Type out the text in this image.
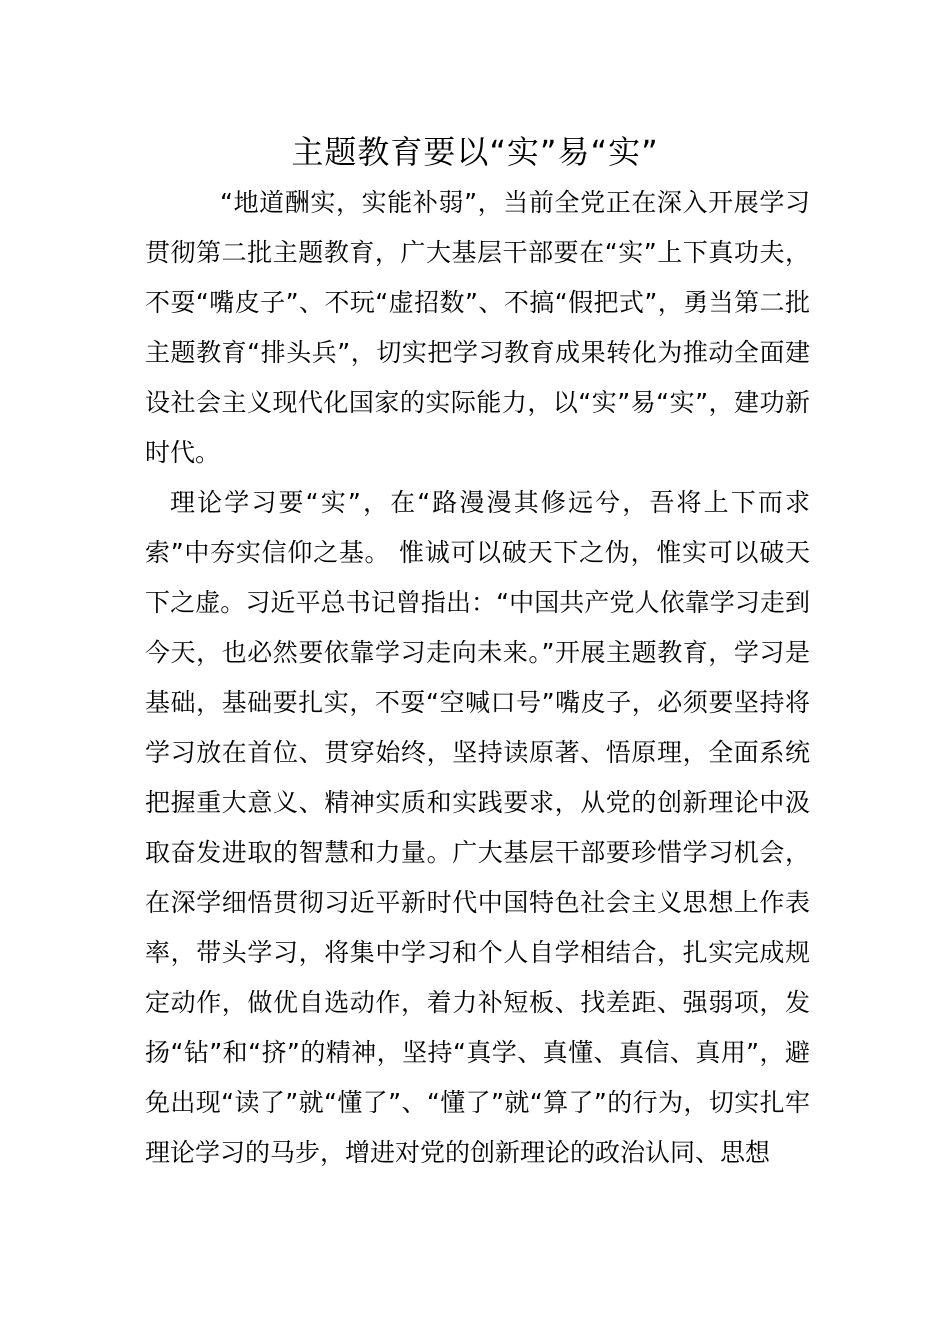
主题教育要以“实”易“实”

“地道酬实，实能补弱”，当前全党正在深入开展学习贯彻第二批主题教育，广大基层干部要在“实”上下真功夫，不耍“嘴皮子”、不玩“虚招数”、不搞“假把式”，勇当第二批主题教育“排头兵”，切实把学习教育成果转化为推动全面建设社会主义现代化国家的实际能力，以“实”易“实”，建功新时代。

理论学习要“实”，在“路漫漫其修远兮，吾将上下而求索”中夯实信仰之基。 惟诚可以破天下之伪，惟实可以破天下之虚。习近平总书记曾指出：“中国共产党人依靠学习走到今天，也必然要依靠学习走向未来。”开展主题教育，学习是基础，基础要扎实，不耍“空喊口号”嘴皮子，必须要坚持将学习放在首位、贯穿始终，坚持读原著、悟原理，全面系统把握重大意义、精神实质和实践要求，从党的创新理论中汲取奋发进取的智慧和力量。广大基层干部要珍惜学习机会，在深学细悟贯彻习近平新时代中国特色社会主义思想上作表率，带头学习，将集中学习和个人自学相结合，扎实完成规定动作，做优自选动作，着力补短板、找差距、强弱项，发扬“钻”和“挤”的精神，坚持“真学、真懂、真信、真用”，避免出现“读了”就“懂了”、“懂了”就“算了”的行为，切实扎牢理论学习的马步，增进对党的创新理论的政治认同、思想
